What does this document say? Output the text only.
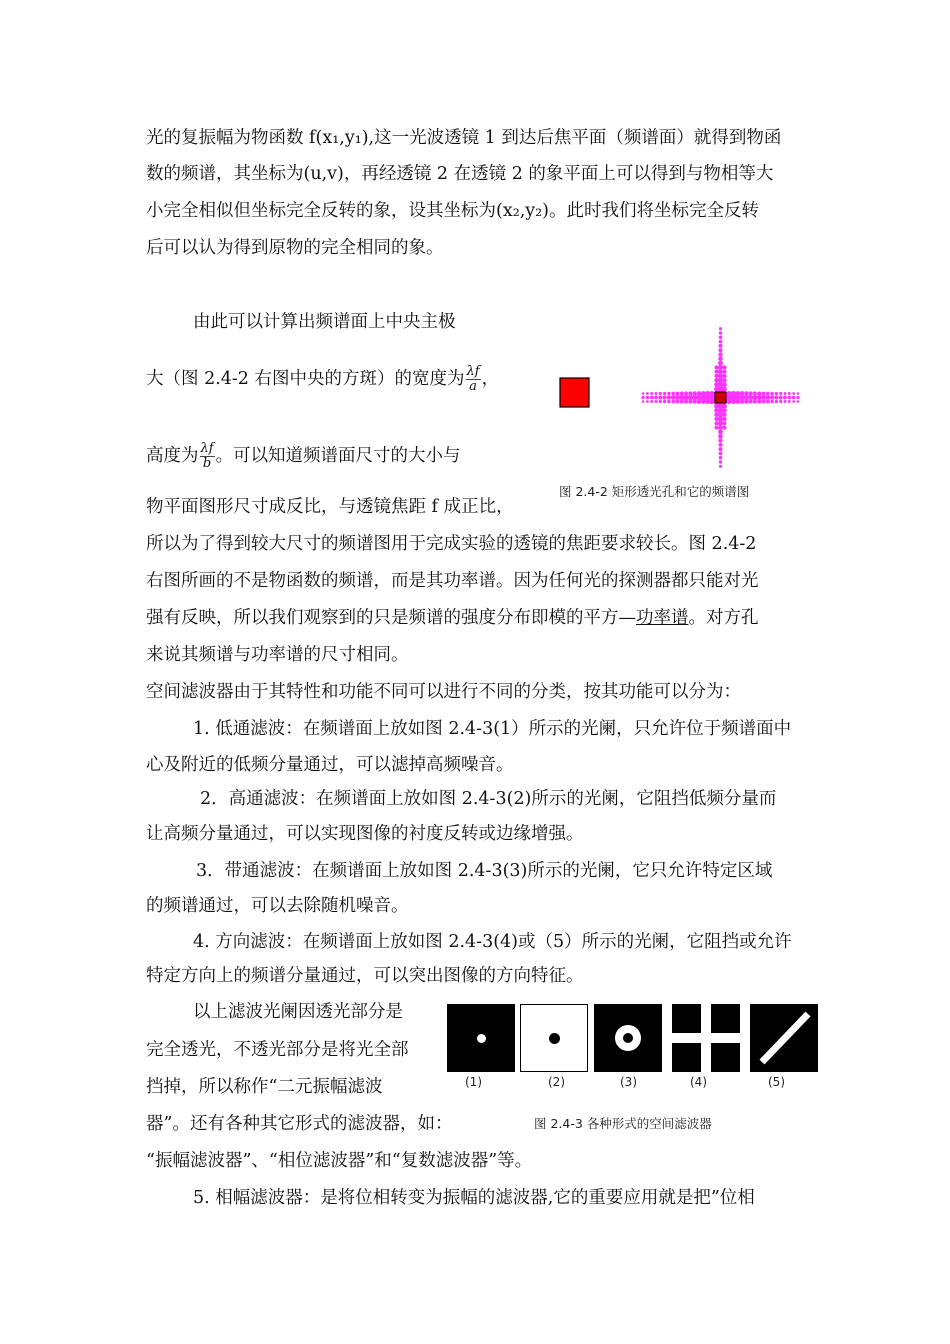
光的复振幅为物函数 f(x₁,y₁),这一光波透镜 1 到达后焦平面（频谱面）就得到物函
数的频谱，其坐标为(u,v)，再经透镜 2 在透镜 2 的象平面上可以得到与物相等大
小完全相似但坐标完全反转的象，设其坐标为(x₂,y₂)。此时我们将坐标完全反转
后可以认为得到原物的完全相同的象。
由此可以计算出频谱面上中央主极
大（图 2.4-2 右图中央的方斑）的宽度为 $\frac{\lambda f}{a}$ ，
高度为 $\frac{\lambda f}{b}$ 。可以知道频谱面尺寸的大小与
物平面图形尺寸成反比，与透镜焦距 f 成正比，
所以为了得到较大尺寸的频谱图用于完成实验的透镜的焦距要求较长。图 2.4-2
右图所画的不是物函数的频谱，而是其功率谱。因为任何光的探测器都只能对光
强有反映，所以我们观察到的只是频谱的强度分布即模的平方—功率谱。对方孔
来说其频谱与功率谱的尺寸相同。
图 2.4-2 矩形透光孔和它的频谱图
空间滤波器由于其特性和功能不同可以进行不同的分类，按其功能可以分为：
1. 低通滤波：在频谱面上放如图 2.4-3(1）所示的光阑，只允许位于频谱面中
心及附近的低频分量通过，可以滤掉高频噪音。
2．高通滤波：在频谱面上放如图 2.4-3(2)所示的光阑，它阻挡低频分量而
让高频分量通过，可以实现图像的衬度反转或边缘增强。
3．带通滤波：在频谱面上放如图 2.4-3(3)所示的光阑，它只允许特定区域
的频谱通过，可以去除随机噪音。
4. 方向滤波：在频谱面上放如图 2.4-3(4)或（5）所示的光阑，它阻挡或允许
特定方向上的频谱分量通过，可以突出图像的方向特征。
以上滤波光阑因透光部分是
完全透光，不透光部分是将光全部
挡掉，所以称作“二元振幅滤波
器”。还有各种其它形式的滤波器，如：
“振幅滤波器”、“相位滤波器”和“复数滤波器”等。
(1)	(2)	(3)	(4)	(5)
图 2.4-3 各种形式的空间滤波器
5. 相幅滤波器：是将位相转变为振幅的滤波器,它的重要应用就是把”位相
